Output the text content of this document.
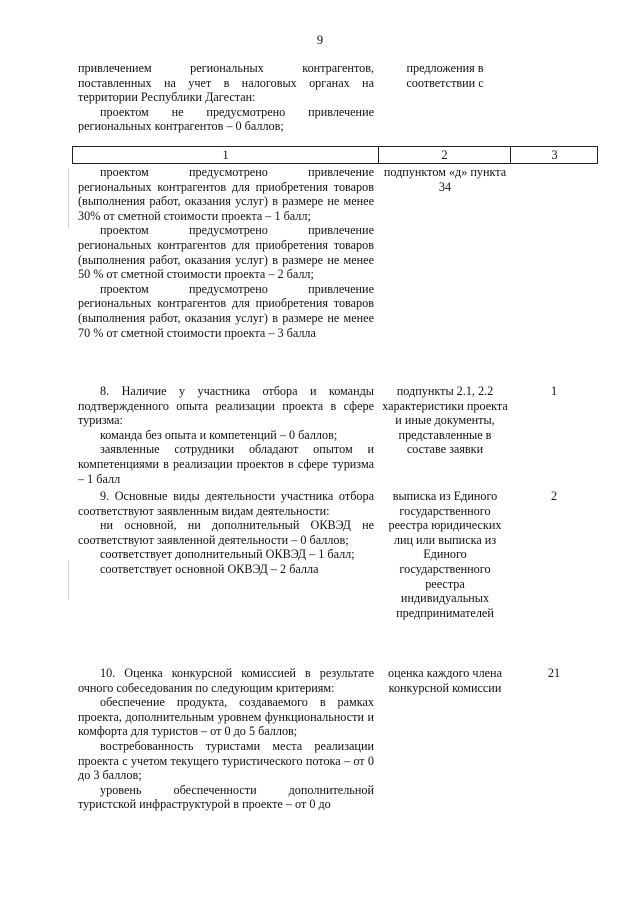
9

привлечением региональных контрагентов, поставленных на учет в налоговых органах на территории Республики Дагестан:

проектом не предусмотрено привлечение региональных контрагентов – 0 баллов;

предложения в соответствии с
1	2	3

проектом предусмотрено привлечение региональных контрагентов для приобретения товаров (выполнения работ, оказания услуг) в размере не менее 30% от сметной стоимости проекта – 1 балл;

проектом предусмотрено привлечение региональных контрагентов для приобретения товаров (выполнения работ, оказания услуг) в размере не менее 50 % от сметной стоимости проекта – 2 балл;

проектом предусмотрено привлечение региональных контрагентов для приобретения товаров (выполнения работ, оказания услуг) в размере не менее 70 % от сметной стоимости проекта – 3 балла

подпунктом «д» пункта 34

8. Наличие у участника отбора и команды подтвержденного опыта реализации проекта в сфере туризма:

команда без опыта и компетенций – 0 баллов;

заявленные сотрудники обладают опытом и компетенциями в реализации проектов в сфере туризма – 1 балл

подпункты 2.1, 2.2 характеристики проекта и иные документы, представленные в составе заявки
1

9. Основные виды деятельности участника отбора соответствуют заявленным видам деятельности:

ни основной, ни дополнительный ОКВЭД не соответствуют заявленной деятельности – 0 баллов;

соответствует дополнительный ОКВЭД – 1 балл;

соответствует основной ОКВЭД – 2 балла

выписка из Единого государственного реестра юридических лиц или выписка из Единого государственного реестра индивидуальных предпринимателей
2

10. Оценка конкурсной комиссией в результате очного собеседования по следующим критериям:

обеспечение продукта, создаваемого в рамках проекта, дополнительным уровнем функциональности и комфорта для туристов – от 0 до 5 баллов;

востребованность туристами места реализации проекта с учетом текущего туристического потока – от 0 до 3 баллов;

уровень обеспеченности дополнительной туристской инфраструктурой в проекте – от 0 до

оценка каждого члена конкурсной комиссии
21
